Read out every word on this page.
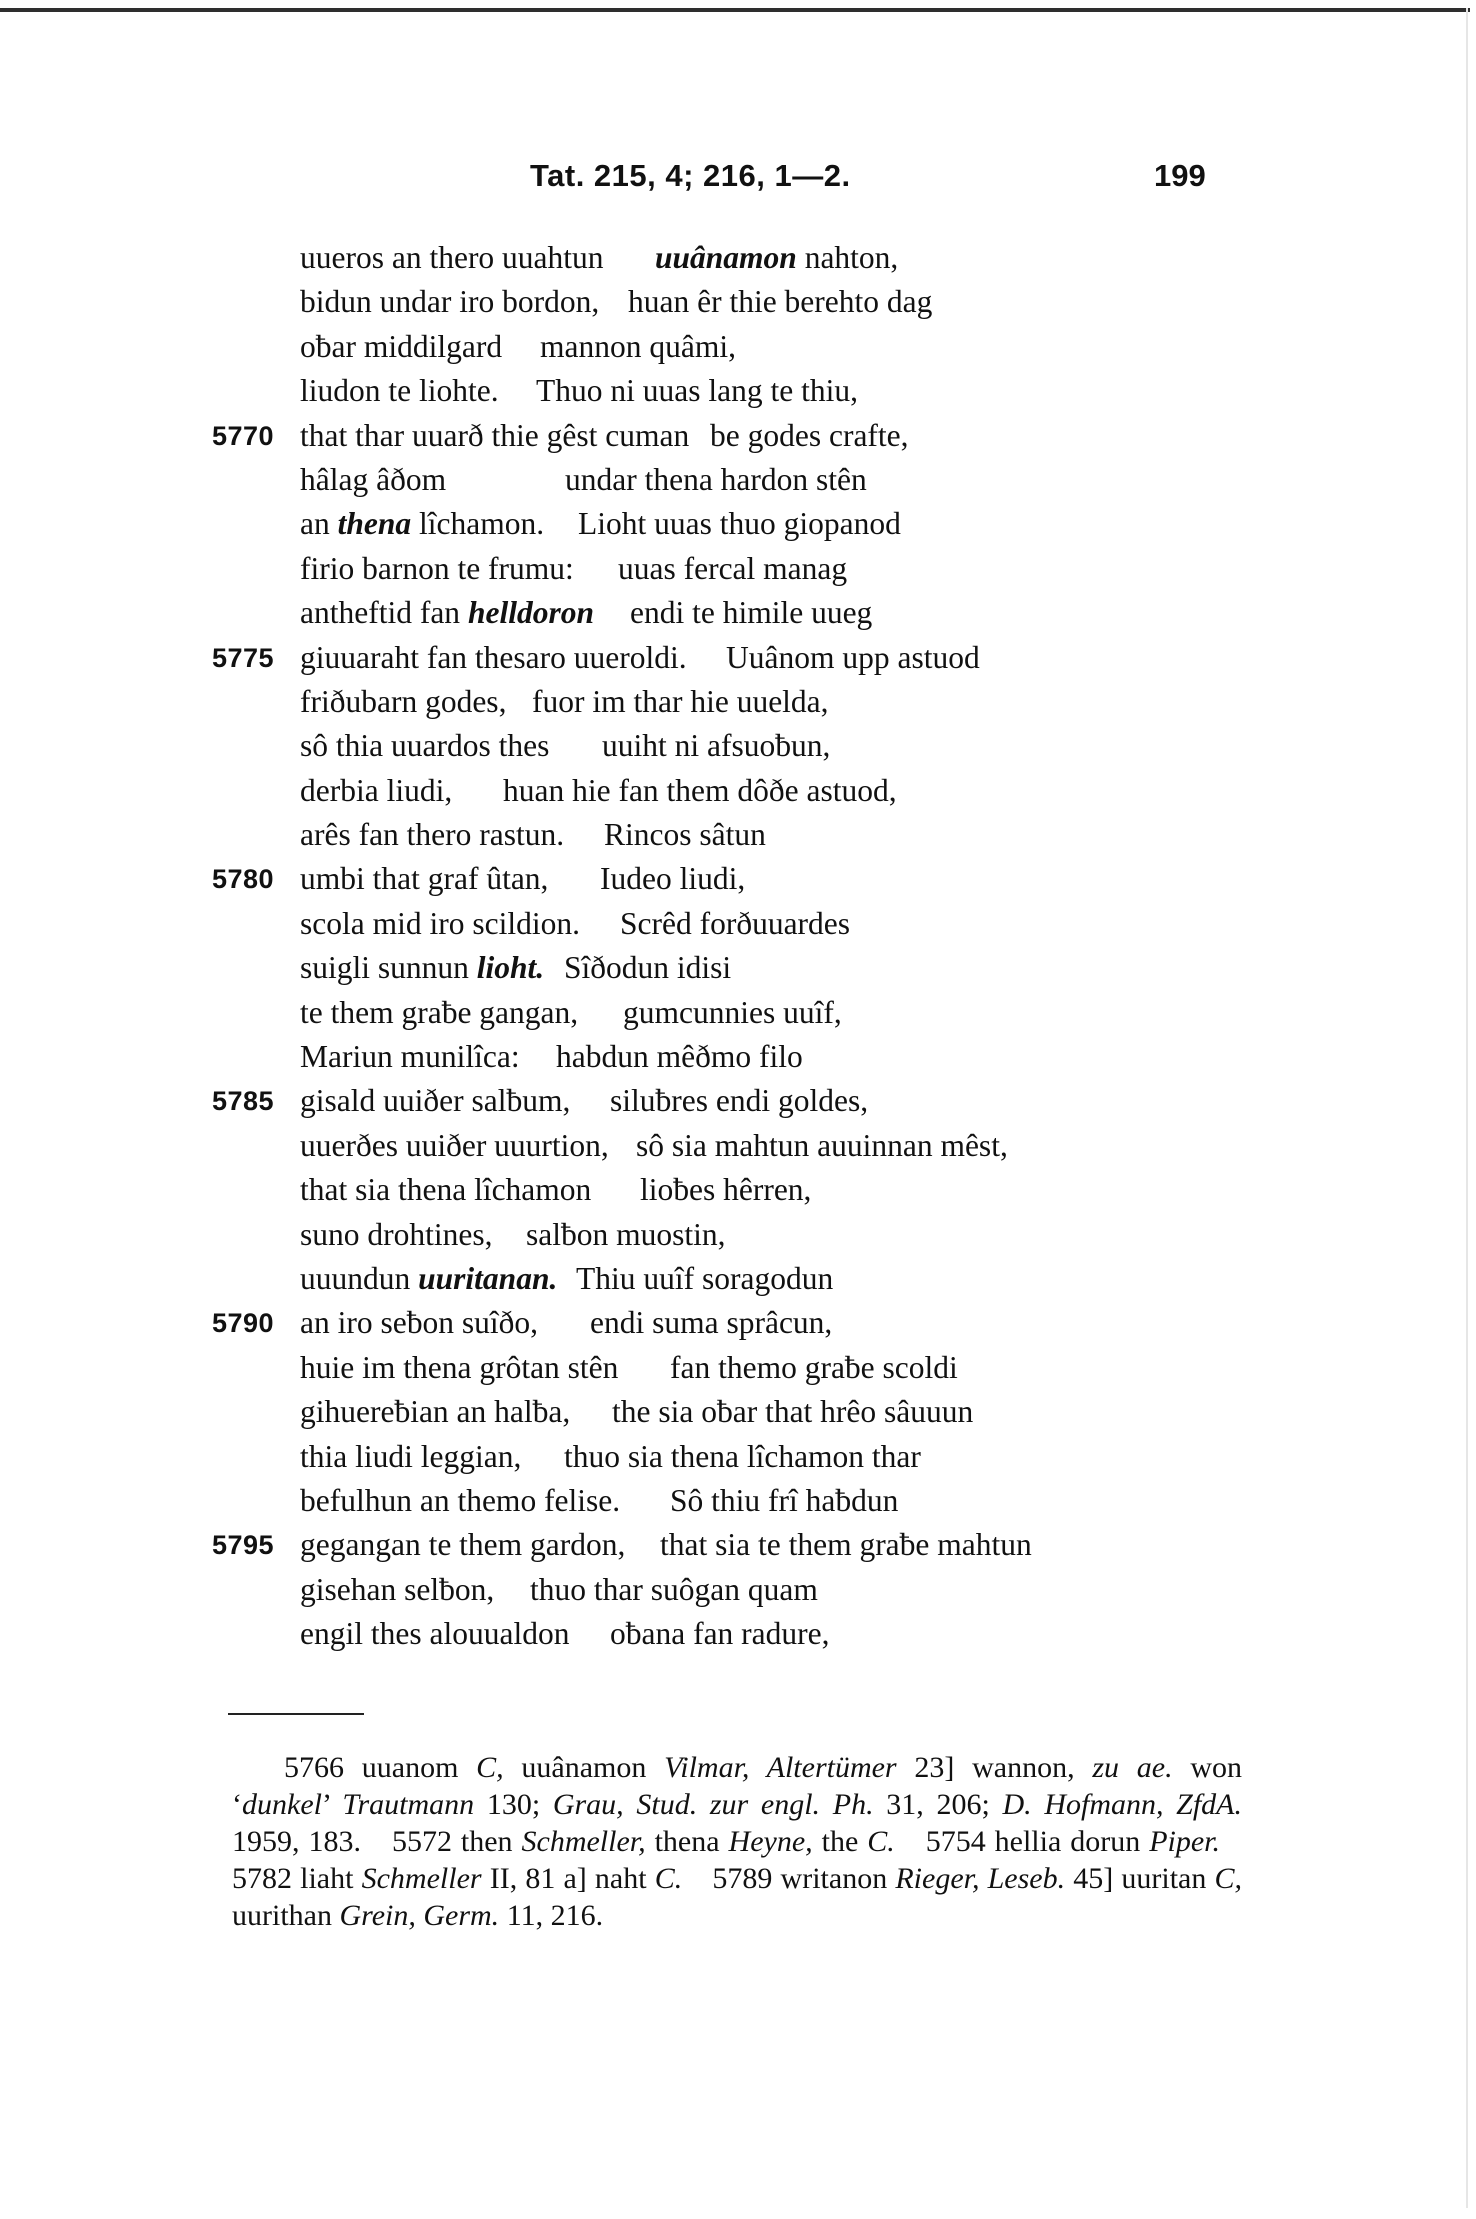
Tat. 215, 4; 216, 1—2.	199
uueros an thero uuahtun uuânamon nahton,
bidun undar iro bordon, huan êr thie berehto dag
oƀar middilgard mannon quâmi,
liudon te liohte. Thuo ni uuas lang te thiu,
5770 that thar uuarð thie gêst cuman be godes crafte,
hâlag âðom	undar thena hardon stên
an thena lîchamon. Lioht uuas thuo giopanod
firio barnon te frumu: uuas fercal manag
antheftid fan helldoron endi te himile uueg
5775 giuuaraht fan thesaro uueroldi. Uuânom upp astuod
friðubarn godes, fuor im thar hie uuelda,
sô thia uuardos thes uuiht ni afsuoƀun,
derbia liudi, huan hie fan them dôðe astuod,
arês fan thero rastun. Rincos sâtun
5780 umbi that graf ûtan, Iudeo liudi,
scola mid iro scildion. Scrêd forðuuardes
suigli sunnun lioht. Sîðodun idisi
te them graƀe gangan, gumcunnies uuîf,
Mariun munilîca: habdun mêðmo filo
5785 gisald uuiðer salƀum, siluƀres endi goldes,
uuerðes uuiðer uuurtion, sô sia mahtun auuinnan mêst,
that sia thena lîchamon lioƀes hêrren,
suno drohtines, salƀon muostin,
uuundun uuritanan. Thiu uuîf soragodun
5790 an iro seƀon suîðo, endi suma sprâcun,
huie im thena grôtan stên fan themo graƀe scoldi
gihuereƀian an halƀa, the sia oƀar that hrêo sâuuun
thia liudi leggian, thuo sia thena lîchamon thar
befulhun an themo felise. Sô thiu frî haƀdun
5795 gegangan te them gardon, that sia te them graƀe mahtun
gisehan selƀon, thuo thar suôgan quam
engil thes alouualdon oƀana fan radure,
5766 uuanom C, uuânamon Vilmar, Altertümer 23] wannon, zu ae. won ‘dunkel’ Trautmann 130; Grau, Stud. zur engl. Ph. 31, 206; D. Hofmann, ZfdA. 1959, 183. 5572 then Schmeller, thena Heyne, the C. 5754 hellia dorun Piper. 5782 liaht Schmeller II, 81 a] naht C. 5789 writanon Rieger, Leseb. 45] uuritan C, uurithan Grein, Germ. 11, 216.
